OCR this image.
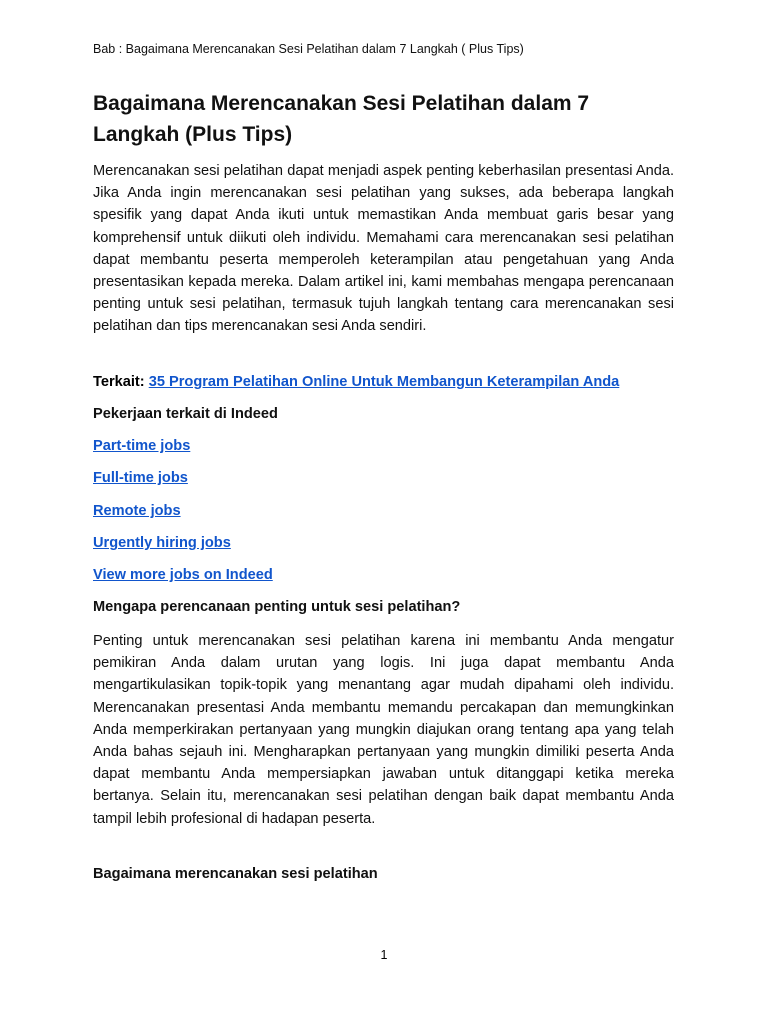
Bab : Bagaimana Merencanakan Sesi Pelatihan dalam 7 Langkah ( Plus Tips)
Bagaimana Merencanakan Sesi Pelatihan dalam 7 Langkah (Plus Tips)

Merencanakan sesi pelatihan dapat menjadi aspek penting keberhasilan presentasi Anda. Jika Anda ingin merencanakan sesi pelatihan yang sukses, ada beberapa langkah spesifik yang dapat Anda ikuti untuk memastikan Anda membuat garis besar yang komprehensif untuk diikuti oleh individu. Memahami cara merencanakan sesi pelatihan dapat membantu peserta memperoleh keterampilan atau pengetahuan yang Anda presentasikan kepada mereka. Dalam artikel ini, kami membahas mengapa perencanaan penting untuk sesi pelatihan, termasuk tujuh langkah tentang cara merencanakan sesi pelatihan dan tips merencanakan sesi Anda sendiri.

Terkait: 35 Program Pelatihan Online Untuk Membangun Keterampilan Anda
Pekerjaan terkait di Indeed
Part-time jobs
Full-time jobs
Remote jobs
Urgently hiring jobs
View more jobs on Indeed
Mengapa perencanaan penting untuk sesi pelatihan?

Penting untuk merencanakan sesi pelatihan karena ini membantu Anda mengatur pemikiran Anda dalam urutan yang logis. Ini juga dapat membantu Anda mengartikulasikan topik-topik yang menantang agar mudah dipahami oleh individu. Merencanakan presentasi Anda membantu memandu percakapan dan memungkinkan Anda memperkirakan pertanyaan yang mungkin diajukan orang tentang apa yang telah Anda bahas sejauh ini. Mengharapkan pertanyaan yang mungkin dimiliki peserta Anda dapat membantu Anda mempersiapkan jawaban untuk ditanggapi ketika mereka bertanya. Selain itu, merencanakan sesi pelatihan dengan baik dapat membantu Anda tampil lebih profesional di hadapan peserta.

Bagaimana merencanakan sesi pelatihan
1
